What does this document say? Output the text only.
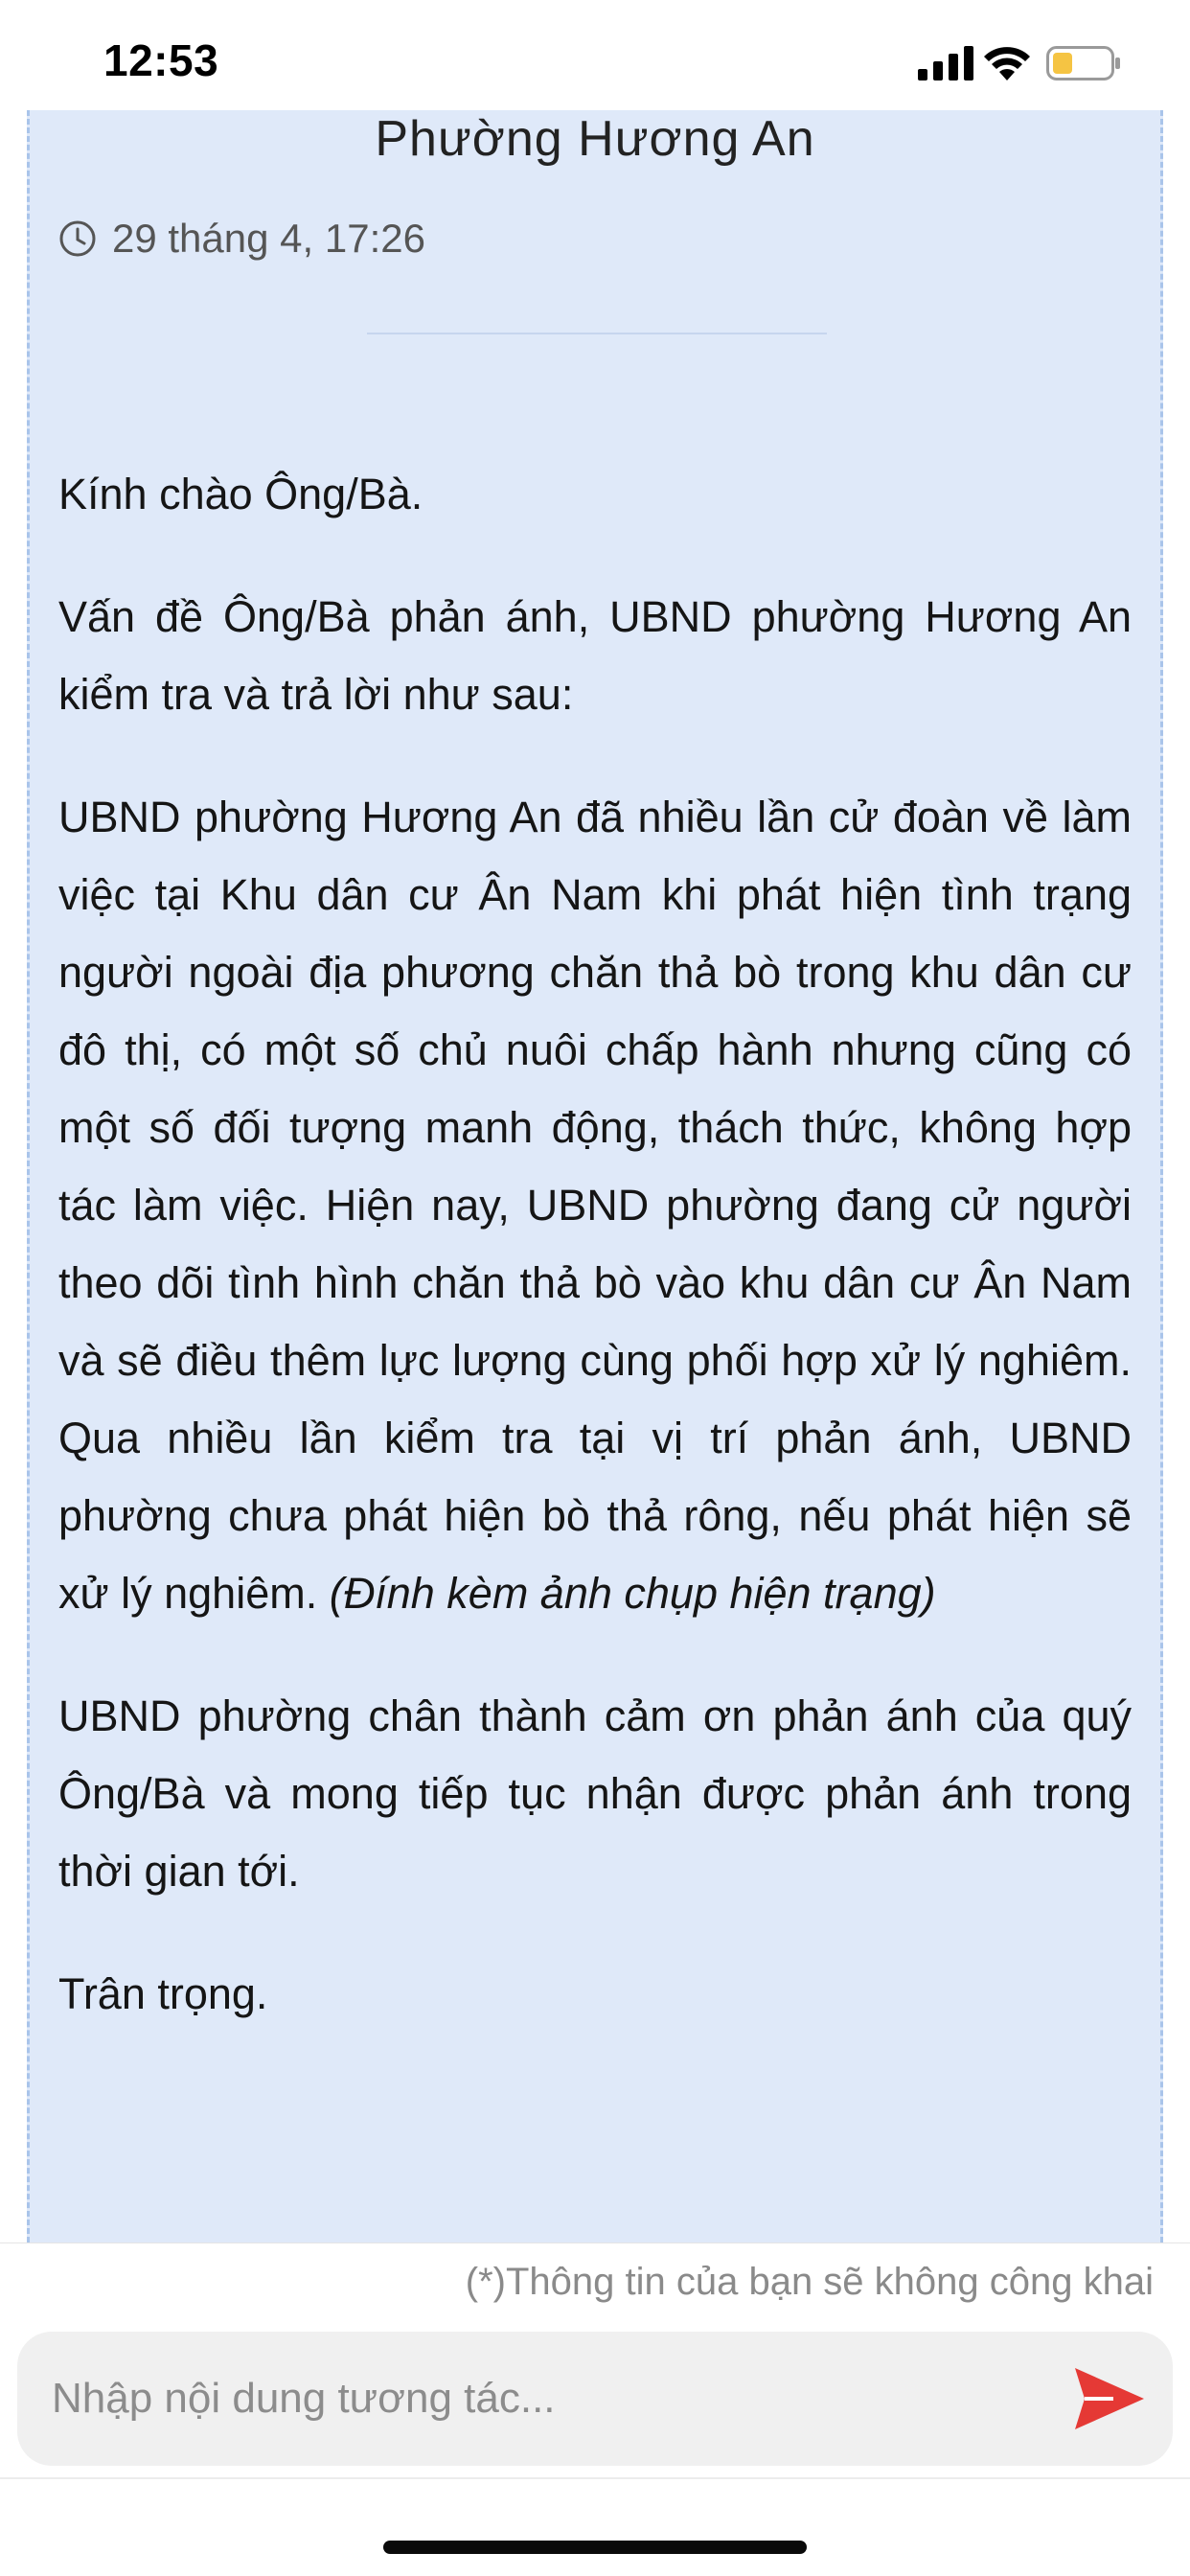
12:53
Phường Hương An
29 tháng 4, 17:26

Kính chào Ông/Bà.

Vấn đề Ông/Bà phản ánh, UBND phường Hương An kiểm tra và trả lời như sau:

UBND phường Hương An đã nhiều lần cử đoàn về làm việc tại Khu dân cư Ân Nam khi phát hiện tình trạng người ngoài địa phương chăn thả bò trong khu dân cư đô thị, có một số chủ nuôi chấp hành nhưng cũng có một số đối tượng manh động, thách thức, không hợp tác làm việc. Hiện nay, UBND phường đang cử người theo dõi tình hình chăn thả bò vào khu dân cư Ân Nam và sẽ điều thêm lực lượng cùng phối hợp xử lý nghiêm. Qua nhiều lần kiểm tra tại vị trí phản ánh, UBND phường chưa phát hiện bò thả rông, nếu phát hiện sẽ xử lý nghiêm. (Đính kèm ảnh chụp hiện trạng)

UBND phường chân thành cảm ơn phản ánh của quý Ông/Bà và mong tiếp tục nhận được phản ánh trong thời gian tới.

Trân trọng.

(*)Thông tin của bạn sẽ không công khai
Nhập nội dung tương tác...
